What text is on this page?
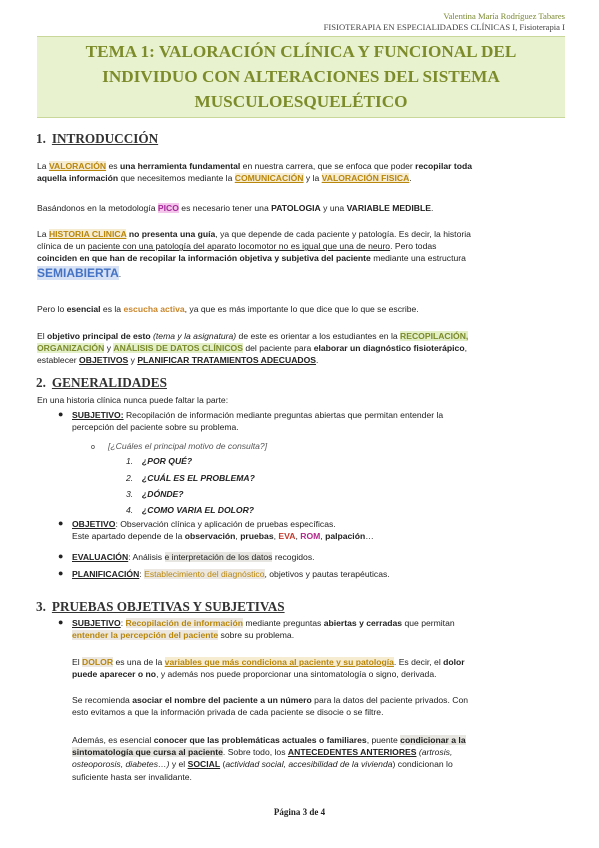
Valentina María Rodríguez Tabares
FISIOTERAPIA EN ESPECIALIDADES CLÍNICAS I, Fisioterapia I
TEMA 1: VALORACIÓN CLÍNICA Y FUNCIONAL DEL
INDIVIDUO CON ALTERACIONES DEL SISTEMA
MUSCULOESQUELÉTICO
1. INTRODUCCIÓN
La VALORACIÓN es una herramienta fundamental en nuestra carrera, que se enfoca que poder recopilar toda
aquella información que necesitemos mediante la COMUNICACIÓN y la VALORACIÓN FISICA.
Basándonos en la metodología PICO es necesario tener una PATOLOGIA y una VARIABLE MEDIBLE.
La HISTORIA CLINICA no presenta una guía, ya que depende de cada paciente y patología. Es decir, la historia
clínica de un paciente con una patología del aparato locomotor no es igual que una de neuro. Pero todas
coinciden en que han de recopilar la información objetiva y subjetiva del paciente mediante una estructura
SEMIABIERTA.
Pero lo esencial es la escucha activa, ya que es más importante lo que dice que lo que se escribe.
El objetivo principal de esto (tema y la asignatura) de este es orientar a los estudiantes en la RECOPILACIÓN,
ORGANIZACIÓN y ANÁLISIS DE DATOS CLÍNICOS del paciente para elaborar un diagnóstico fisioterápico,
establecer OBJETIVOS y PLANIFICAR TRATAMIENTOS ADECUADOS.
2. GENERALIDADES
En una historia clínica nunca puede faltar la parte:
● SUBJETIVO: Recopilación de información mediante preguntas abiertas que permitan entender la
percepción del paciente sobre su problema.
o [¿Cuáles el principal motivo de consulta?]
1. ¿POR QUÉ?
2. ¿CUÁL ES EL PROBLEMA?
3. ¿DÓNDE?
4. ¿COMO VARIA EL DOLOR?
● OBJETIVO: Observación clínica y aplicación de pruebas específicas.
Este apartado depende de la observación, pruebas, EVA, ROM, palpación…
● EVALUACIÓN: Análisis e interpretación de los datos recogidos.
● PLANIFICACIÓN: Establecimiento del diagnóstico, objetivos y pautas terapéuticas.
3. PRUEBAS OBJETIVAS Y SUBJETIVAS
● SUBJETIVO: Recopilación de información mediante preguntas abiertas y cerradas que permitan
entender la percepción del paciente sobre su problema.
El DOLOR es una de la variables que más condiciona al paciente y su patología. Es decir, el dolor
puede aparecer o no, y además nos puede proporcionar una sintomatología o signo, derivada.
Se recomienda asociar el nombre del paciente a un número para la datos del paciente privados. Con
esto evitamos a que la información privada de cada paciente se disocie o se filtre.
Además, es esencial conocer que las problemáticas actuales o familiares, puente condicionar a la
sintomatología que cursa al paciente. Sobre todo, los ANTECEDENTES ANTERIORES (artrosis,
osteoporosis, diabetes…) y el SOCIAL (actividad social, accesibilidad de la vivienda) condicionan lo
suficiente hasta ser invalidante.
Página 3 de 4
